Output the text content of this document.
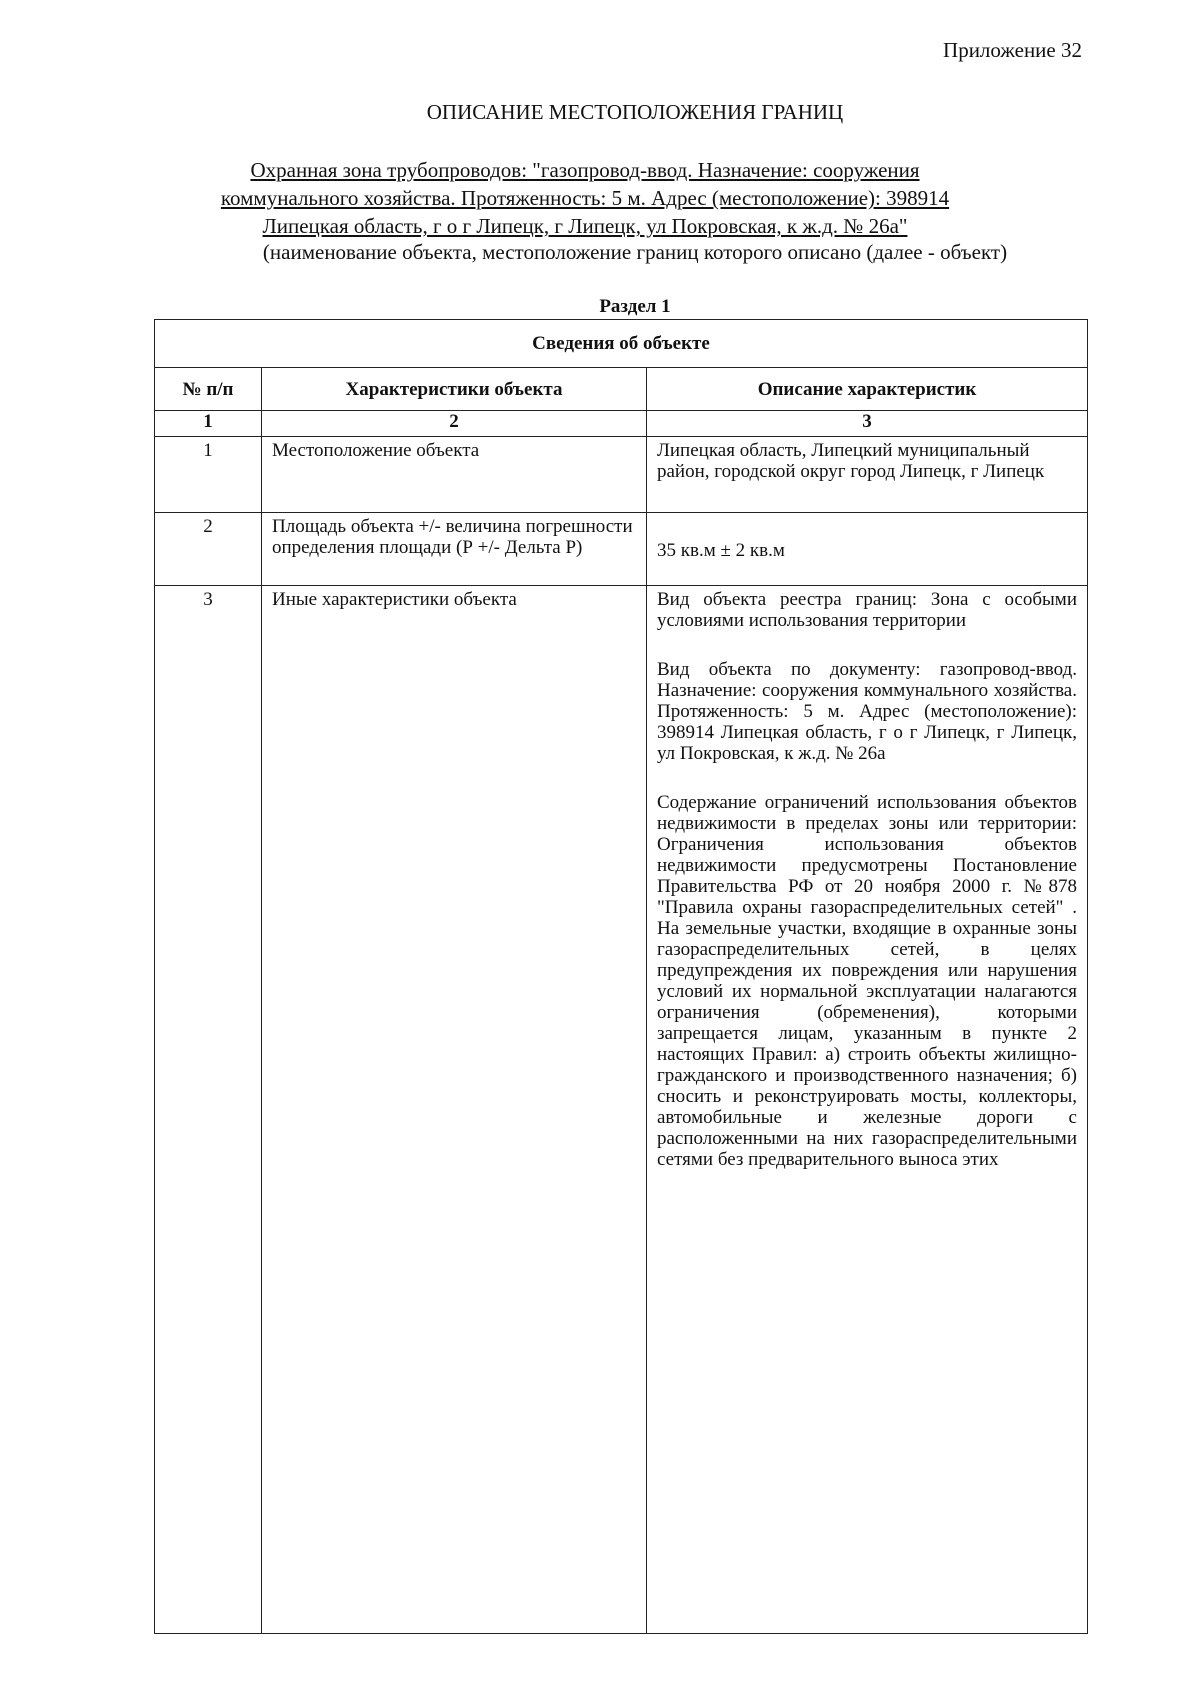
Приложение 32
ОПИСАНИЕ МЕСТОПОЛОЖЕНИЯ ГРАНИЦ
Охранная зона трубопроводов: "газопровод-ввод. Назначение: сооружения
коммунального хозяйства. Протяженность: 5 м. Адрес (местоположение): 398914
Липецкая область, г о г Липецк, г Липецк, ул Покровская, к ж.д. № 26а"
(наименование объекта, местоположение границ которого описано (далее - объект)
Раздел 1
Сведения об объекте		
№ п/п	Характеристики объекта	Описание характеристик
1	2	3
1	Местоположение объекта	Липецкая область, Липецкий муниципальный район, городской округ город Липецк, г Липецк
2	Площадь объекта +/- величина погрешности определения площади (Р +/- Дельта Р)	35 кв.м ± 2 кв.м
3	Иные характеристики объекта	Вид объекта реестра границ: Зона с особыми условиями использования территории

Вид объекта по документу: газопровод-ввод. Назначение: сооружения коммунального хозяйства. Протяженность: 5 м. Адрес (местоположение): 398914 Липецкая область, г о г Липецк, г Липецк, ул Покровская, к ж.д. № 26а

Содержание ограничений использования объектов недвижимости в пределах зоны или территории: Ограничения использования объектов недвижимости предусмотрены Постановление Правительства РФ от 20 ноября 2000 г. №878 "Правила охраны газораспределительных сетей" . На земельные участки, входящие в охранные зоны газораспределительных сетей, в целях предупреждения их повреждения или нарушения условий их нормальной эксплуатации налагаются ограничения (обременения), которыми запрещается лицам, указанным в пункте 2 настоящих Правил: а) строить объекты жилищно-гражданского и производственного назначения; б) сносить и реконструировать мосты, коллекторы, автомобильные и железные дороги с расположенными на них газораспределительными сетями без предварительного выноса этих
